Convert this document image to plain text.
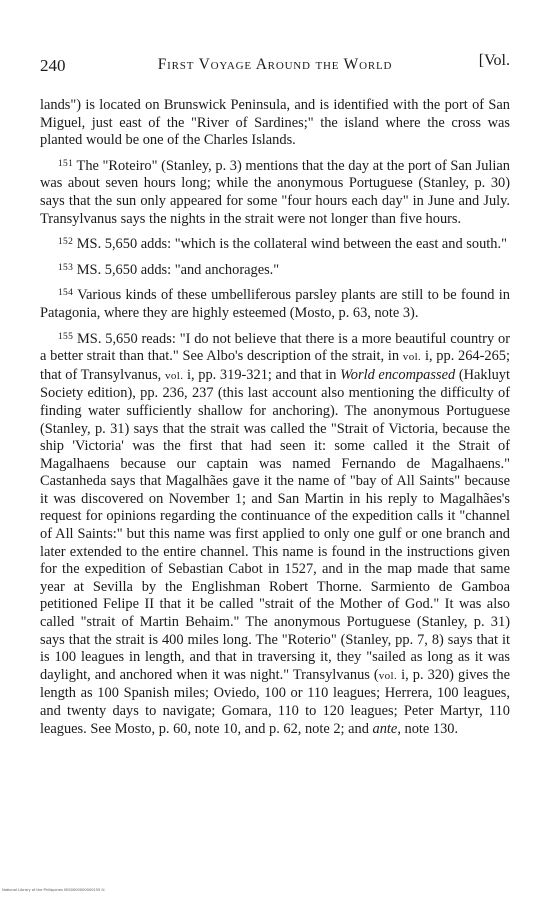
240	First Voyage Around the World	[Vol.

lands") is located on Brunswick Peninsula, and is identified with the port of San Miguel, just east of the "River of Sardines;" the island where the cross was planted would be one of the Charles Islands.

$^{151}$ The "Roteiro" (Stanley, p. 3) mentions that the day at the port of San Julian was about seven hours long; while the anonymous Portuguese (Stanley, p. 30) says that the sun only appeared for some "four hours each day" in June and July. Transylvanus says the nights in the strait were not longer than five hours.

$^{152}$ MS. 5,650 adds: "which is the collateral wind between the east and south."

$^{153}$ MS. 5,650 adds: "and anchorages."

$^{154}$ Various kinds of these umbelliferous parsley plants are still to be found in Patagonia, where they are highly esteemed (Mosto, p. 63, note 3).

$^{155}$ MS. 5,650 reads: "I do not believe that there is a more beautiful country or a better strait than that." See Albo's description of the strait, in vol. i, pp. 264-265; that of Transylvanus, vol. i, pp. 319-321; and that in World encompassed (Hakluyt Society edition), pp. 236, 237 (this last account also mentioning the difficulty of finding water sufficiently shallow for anchoring). The anonymous Portuguese (Stanley, p. 31) says that the strait was called the "Strait of Victoria, because the ship 'Victoria' was the first that had seen it: some called it the Strait of Magalhaens because our captain was named Fernando de Magalhaens." Castanheda says that Magalhães gave it the name of "bay of All Saints" because it was discovered on November 1; and San Martin in his reply to Magalhães's request for opinions regarding the continuance of the expedition calls it "channel of All Saints:" but this name was first applied to only one gulf or one branch and later extended to the entire channel. This name is found in the instructions given for the expedition of Sebastian Cabot in 1527, and in the map made that same year at Sevilla by the Englishman Robert Thorne. Sarmiento de Gamboa petitioned Felipe II that it be called "strait of the Mother of God." It was also called "strait of Martin Behaim." The anonymous Portuguese (Stanley, p. 31) says that the strait is 400 miles long. The "Roterio" (Stanley, pp. 7, 8) says that it is 100 leagues in length, and that in traversing it, they "sailed as long as it was daylight, and anchored when it was night." Transylvanus (vol. i, p. 320) gives the length as 100 Spanish miles; Oviedo, 100 or 110 leagues; Herrera, 100 leagues, and twenty days to navigate; Gomara, 110 to 120 leagues; Peter Martyr, 110 leagues. See Mosto, p. 60, note 10, and p. 62, note 2; and ante, note 130.

National Library of the Philippines ISIS0000000000155 lil
